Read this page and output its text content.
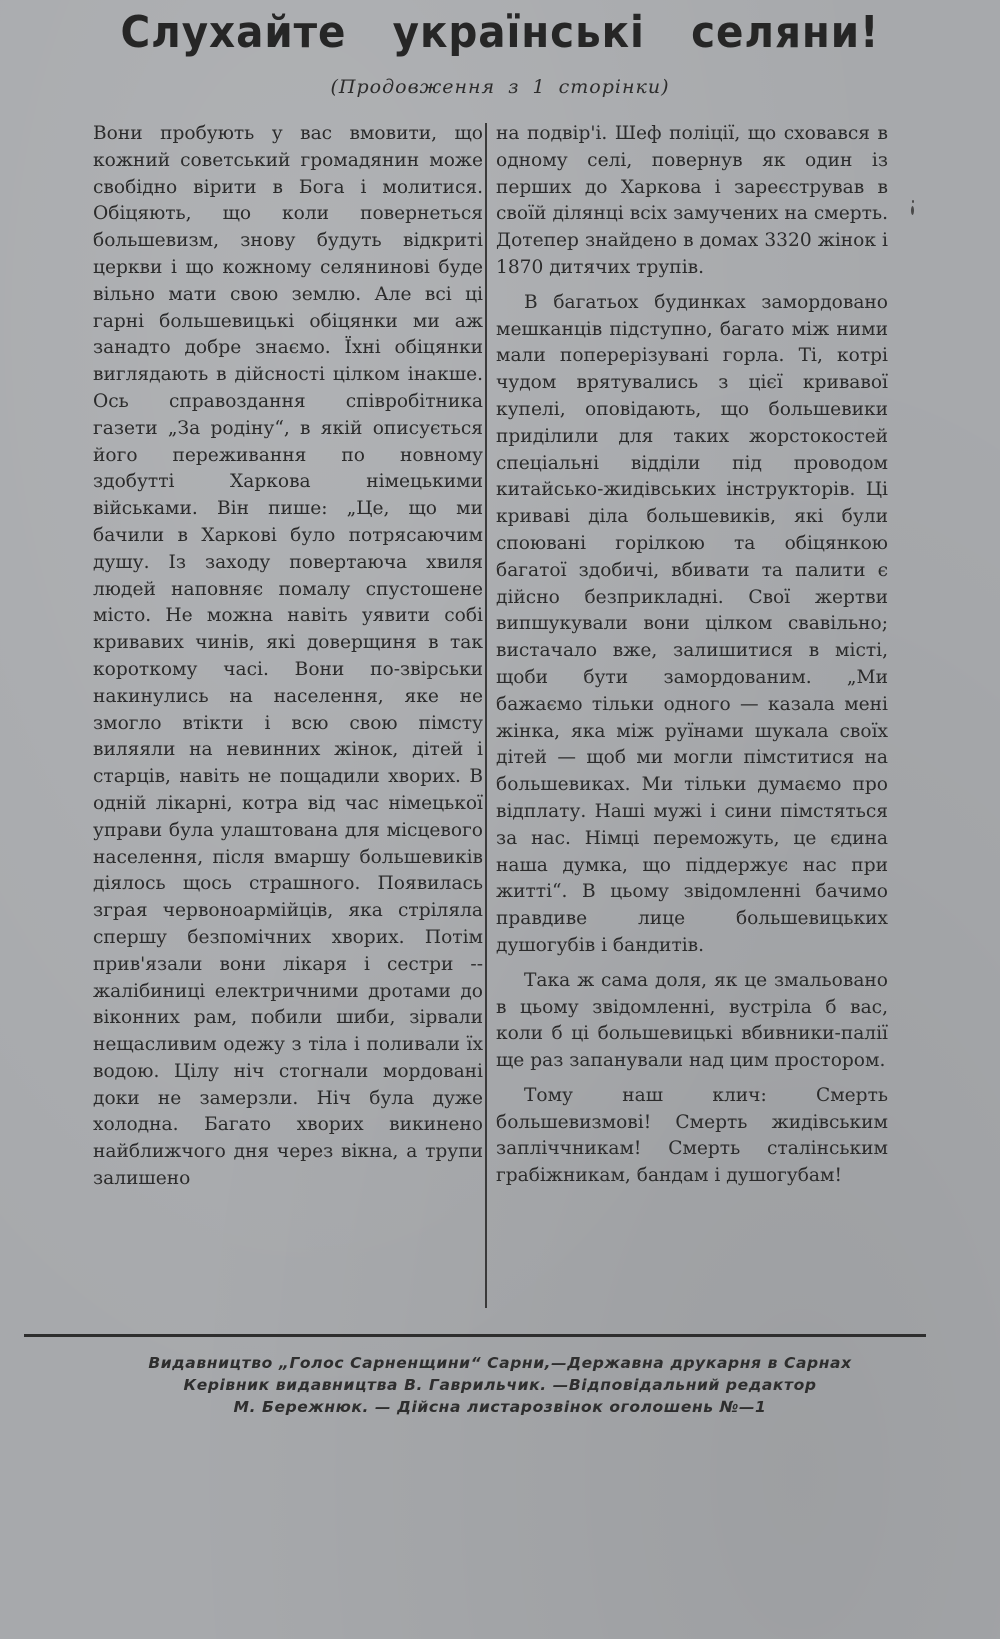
Слухайте українські селяни!
(Продовження з 1 сторінки)

Вони пробують у вас вмовити, що кожний советський громадянин може свобідно вірити в Бога і молитися. Обіцяють, що коли повернеться большевизм, знову будуть відкриті церкви і що кожному селянинові буде вільно мати свою землю. Але всі ці гарні большевицькі обіцянки ми аж занадто добре знаємо. Їхні обіцянки виглядають в дійсності цілком інакше. Ось справоздання співробітника газети „За родіну“, в якій описується його переживання по новному здобутті Харкова німецькими військами. Він пише: „Це, що ми бачили в Харкові було потрясаючим душу. Із заходу повертаюча хвиля людей наповняє помалу спустошене місто. Не можна навіть уявити собі кривавих чинів, які доверщиня в так короткому часі. Вони по-звірськи накинулись на населення, яке не змогло втікти і всю свою пімсту виляяли на невинних жінок, дітей і старців, навіть не пощадили хворих. В одній лікарні, котра від час німецької управи була улаштована для місцевого населення, після вмаршу большевиків діялось щось страшного. Появилась зграя червоноармійців, яка стріляла спершу безпомічних хворих. Потім прив'язали вони лікаря і сестри -- жалібиниці електричними дротами до віконних рам, побили шиби, зірвали нещасливим одежу з тіла і поливали їх водою. Цілу ніч стогнали мордовані доки не замерзли. Ніч була дуже холодна. Багато хворих викинено найближчого дня через вікна, а трупи залишено

на подвір'і. Шеф поліції, що сховався в одному селі, повернув як один із перших до Харкова і зареєстрував в своїй ділянці всіх замучених на смерть. Дотепер знайдено в домах 3320 жінок і 1870 дитячих трупів.

В багатьох будинках замордовано мешканців підступно, багато між ними мали поперерізувані горла. Ті, котрі чудом врятувались з цієї кривавої купелі, оповідають, що большевики приділили для таких жорстокостей спеціальні відділи під проводом китайсько-жидівських інструкторів. Ці криваві діла большевиків, які були споювані горілкою та обіцянкою багатої здобичі, вбивати та палити є дійсно безприкладні. Свої жертви випшукували вони цілком свавільно; вистачало вже, залишитися в місті, щоби бути замордованим. „Ми бажаємо тільки одного — казала мені жінка, яка між руїнами шукала своїх дітей — щоб ми могли пімститися на большевиках. Ми тільки думаємо про відплату. Наші мужі і сини пімстяться за нас. Німці переможуть, це єдина наша думка, що піддержує нас при житті“. В цьому звідомленні бачимо правдиве лице большевицьких душогубів і бандитів.

Така ж сама доля, як це змальовано в цьому звідомленні, вустріла б вас, коли б ці большевицькі вбивники-палії ще раз запанували над цим простором.

Тому наш клич: Смерть большевизмові! Смерть жидівським запліччникам! Смерть сталінським грабіжникам, бандам і душогубам!

Видавництво „Голос Сарненщини“ Сарни,—Державна друкарня в Сарнах
Керівник видавництва В. Гаврильчик. —Відповідальний редактор
М. Бережнюк. — Дійсна листарозвінок оголошень №—1
